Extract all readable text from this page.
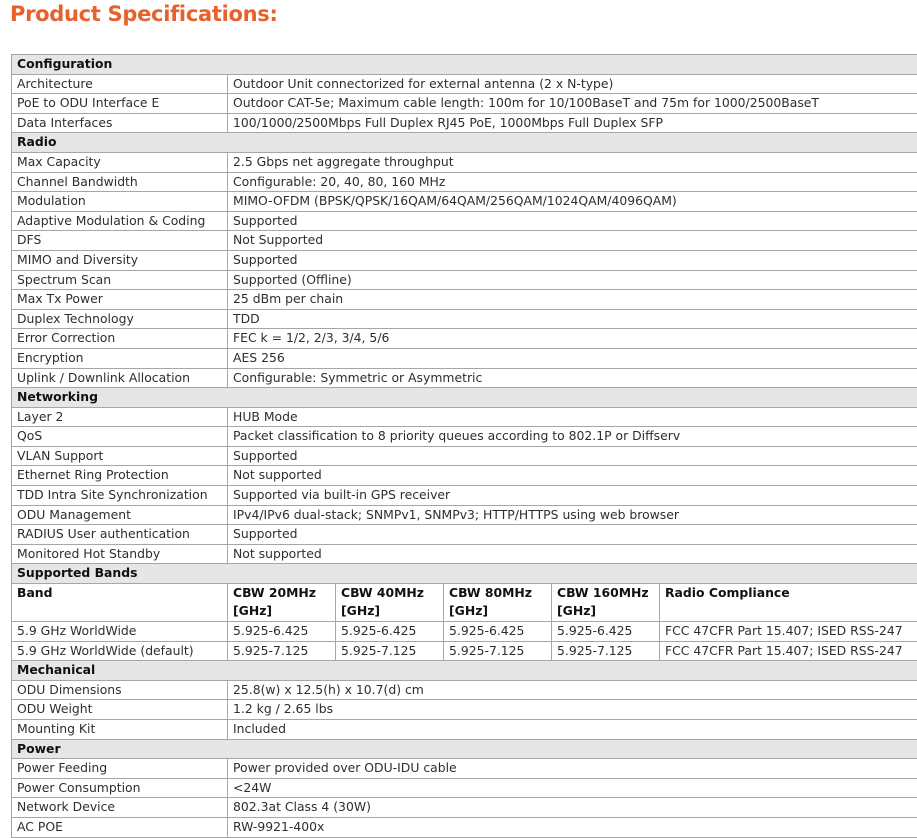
Product Specifications:
Configuration					
Architecture	Outdoor Unit connectorized for external antenna (2 x N-type)				
PoE to ODU Interface E	Outdoor CAT-5e; Maximum cable length: 100m for 10/100BaseT and 75m for 1000/2500BaseT				
Data Interfaces	100/1000/2500Mbps Full Duplex RJ45 PoE, 1000Mbps Full Duplex SFP				
Radio					
Max Capacity	2.5 Gbps net aggregate throughput				
Channel Bandwidth	Configurable: 20, 40, 80, 160 MHz				
Modulation	MIMO-OFDM (BPSK/QPSK/16QAM/64QAM/256QAM/1024QAM/4096QAM)				
Adaptive Modulation & Coding	Supported				
DFS	Not Supported				
MIMO and Diversity	Supported				
Spectrum Scan	Supported (Offline)				
Max Tx Power	25 dBm per chain				
Duplex Technology	TDD				
Error Correction	FEC k = 1/2, 2/3, 3/4, 5/6				
Encryption	AES 256				
Uplink / Downlink Allocation	Configurable: Symmetric or Asymmetric				
Networking					
Layer 2	HUB Mode				
QoS	Packet classification to 8 priority queues according to 802.1P or Diffserv				
VLAN Support	Supported				
Ethernet Ring Protection	Not supported				
TDD Intra Site Synchronization	Supported via built-in GPS receiver				
ODU Management	IPv4/IPv6 dual-stack; SNMPv1, SNMPv3; HTTP/HTTPS using web browser				
RADIUS User authentication	Supported				
Monitored Hot Standby	Not supported				
Supported Bands					
Band	CBW 20MHz [GHz]	CBW 40MHz [GHz]	CBW 80MHz [GHz]	CBW 160MHz [GHz]	Radio Compliance
5.9 GHz WorldWide	5.925-6.425	5.925-6.425	5.925-6.425	5.925-6.425	FCC 47CFR Part 15.407; ISED RSS-247
5.9 GHz WorldWide (default)	5.925-7.125	5.925-7.125	5.925-7.125	5.925-7.125	FCC 47CFR Part 15.407; ISED RSS-247
Mechanical					
ODU Dimensions	25.8(w) x 12.5(h) x 10.7(d) cm				
ODU Weight	1.2 kg / 2.65 lbs				
Mounting Kit	Included				
Power					
Power Feeding	Power provided over ODU-IDU cable				
Power Consumption	<24W				
Network Device	802.3at Class 4 (30W)				
AC POE	RW-9921-400x				
